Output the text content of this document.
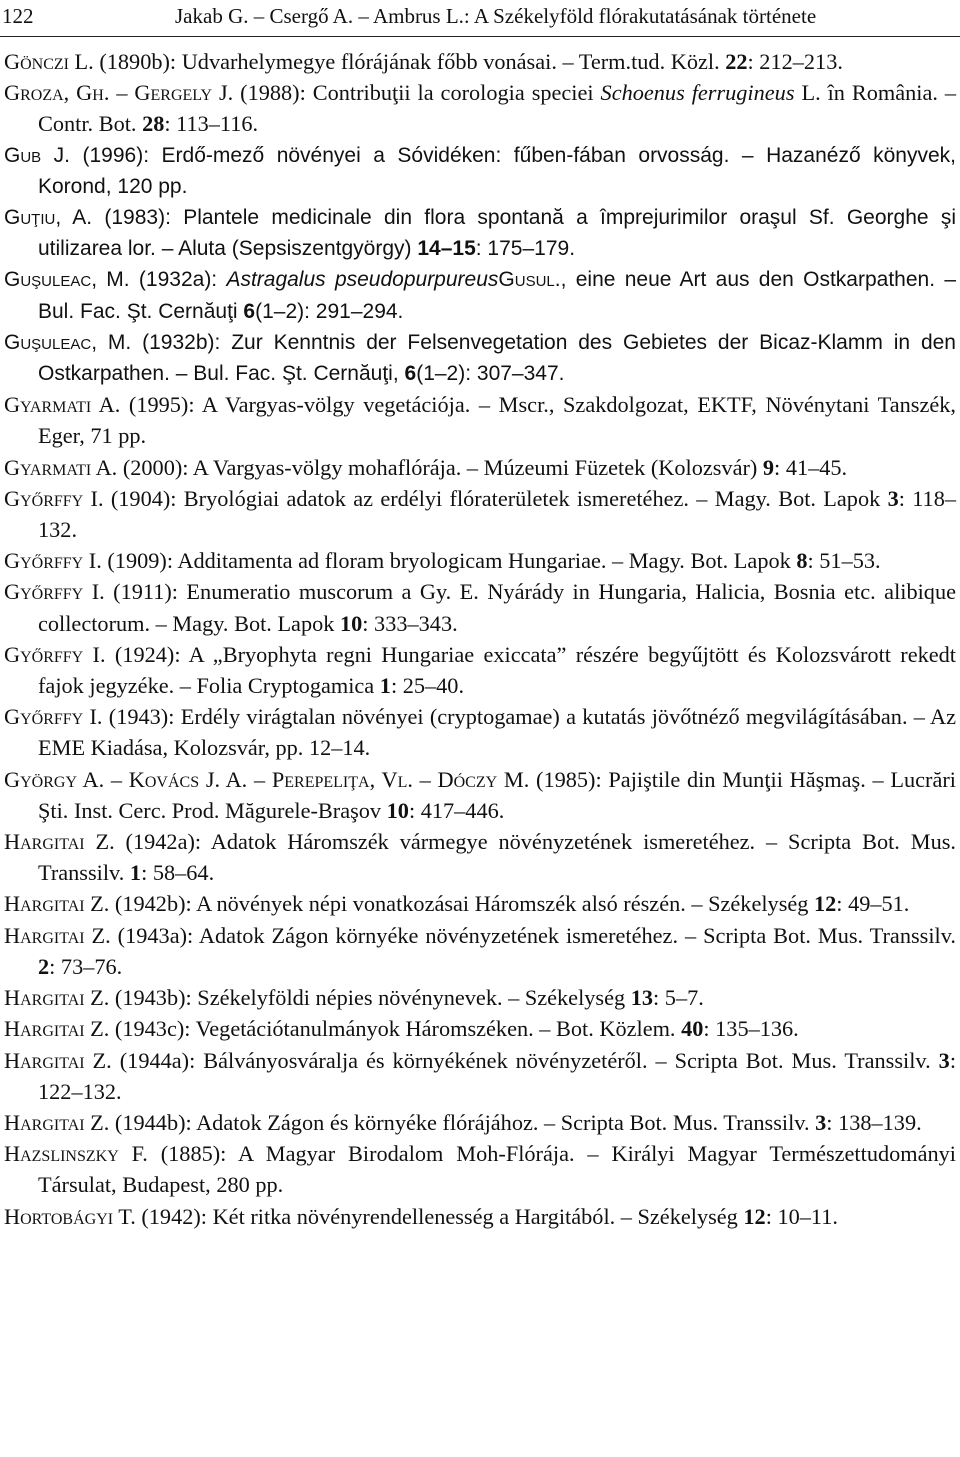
122	Jakab G. – Csergő A. – Ambrus L.: A Székelyföld flórakutatásának története
Gönczi L. (1890b): Udvarhelymegye flórájának főbb vonásai. – Term.tud. Közl. 22: 212–213.
Groza, Gh. – Gergely J. (1988): Contribuţii la corologia speciei Schoenus ferrugineus L. în România. – Contr. Bot. 28: 113–116.
Gub J. (1996): Erdő-mező növényei a Sóvidéken: fűben-fában orvosság. – Hazanéző könyvek, Korond, 120 pp.
Guţiu, A. (1983): Plantele medicinale din flora spontană a împrejurimilor oraşul Sf. Georghe şi utilizarea lor. – Aluta (Sepsiszentgyörgy) 14–15: 175–179.
Guşuleac, M. (1932a): Astragalus pseudopurpureusGusul., eine neue Art aus den Ostkarpathen. – Bul. Fac. Şt. Cernăuţi 6(1–2): 291–294.
Guşuleac, M. (1932b): Zur Kenntnis der Felsenvegetation des Gebietes der Bicaz-Klamm in den Ostkarpathen. – Bul. Fac. Şt. Cernăuţi, 6(1–2): 307–347.
Gyarmati A. (1995): A Vargyas-völgy vegetációja. – Mscr., Szakdolgozat, EKTF, Növénytani Tanszék, Eger, 71 pp.
Gyarmati A. (2000): A Vargyas-völgy mohaflórája. – Múzeumi Füzetek (Kolozsvár) 9: 41–45.
Győrffy I. (1904): Bryológiai adatok az erdélyi flóraterületek ismeretéhez. – Magy. Bot. Lapok 3: 118–132.
Győrffy I. (1909): Additamenta ad floram bryologicam Hungariae. – Magy. Bot. Lapok 8: 51–53.
Győrffy I. (1911): Enumeratio muscorum a Gy. E. Nyárády in Hungaria, Halicia, Bosnia etc. alibique collectorum. – Magy. Bot. Lapok 10: 333–343.
Győrffy I. (1924): A „Bryophyta regni Hungariae exiccata” részére begyűjtött és Kolozsvárott rekedt fajok jegyzéke. – Folia Cryptogamica 1: 25–40.
Győrffy I. (1943): Erdély virágtalan növényei (cryptogamae) a kutatás jövőtnéző megvilágításában. – Az EME Kiadása, Kolozsvár, pp. 12–14.
György A. – Kovács J. A. – Perepeliţa, Vl. – Dóczy M. (1985): Pajiştile din Munţii Hăşmaş. – Lucrări Şti. Inst. Cerc. Prod. Măgurele-Braşov 10: 417–446.
Hargitai Z. (1942a): Adatok Háromszék vármegye növényzetének ismeretéhez. – Scripta Bot. Mus. Transsilv. 1: 58–64.
Hargitai Z. (1942b): A növények népi vonatkozásai Háromszék alsó részén. – Székelység 12: 49–51.
Hargitai Z. (1943a): Adatok Zágon környéke növényzetének ismeretéhez. – Scripta Bot. Mus. Transsilv. 2: 73–76.
Hargitai Z. (1943b): Székelyföldi népies növénynevek. – Székelység 13: 5–7.
Hargitai Z. (1943c): Vegetációtanulmányok Háromszéken. – Bot. Közlem. 40: 135–136.
Hargitai Z. (1944a): Bálványosváralja és környékének növényzetéről. – Scripta Bot. Mus. Transsilv. 3: 122–132.
Hargitai Z. (1944b): Adatok Zágon és környéke flórájához. – Scripta Bot. Mus. Transsilv. 3: 138–139.
Hazslinszky F. (1885): A Magyar Birodalom Moh-Flórája. – Királyi Magyar Természettudományi Társulat, Budapest, 280 pp.
Hortobágyi T. (1942): Két ritka növényrendellenesség a Hargitából. – Székelység 12: 10–11.
